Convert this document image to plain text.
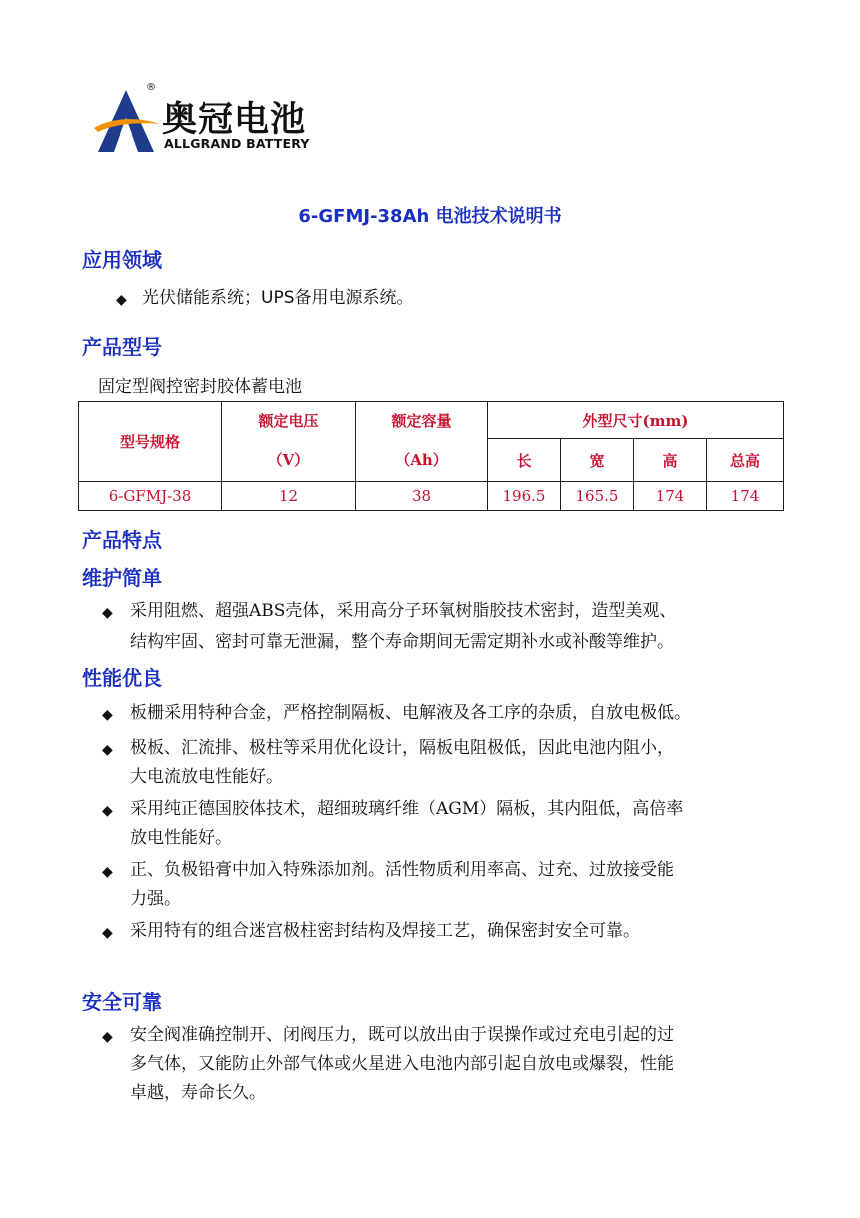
®
奥冠电池
ALLGRAND BATTERY
6-GFMJ-38Ah 电池技术说明书
应用领域
◆ 光伏储能系统；UPS备用电源系统。
产品型号
固定型阀控密封胶体蓄电池
型号规格	额定电压	额定容量	外型尺寸(mm)			
	（V）	（Ah）	长	宽	高	总高
6-GFMJ-38	12	38	196.5	165.5	174	174
产品特点
维护简单
◆ 采用阻燃、超强ABS壳体，采用高分子环氧树脂胶技术密封，造型美观、
结构牢固、密封可靠无泄漏，整个寿命期间无需定期补水或补酸等维护。
性能优良
◆ 板栅采用特种合金，严格控制隔板、电解液及各工序的杂质，自放电极低。
◆ 极板、汇流排、极柱等采用优化设计，隔板电阻极低，因此电池内阻小，
大电流放电性能好。
◆ 采用纯正德国胶体技术，超细玻璃纤维（AGM）隔板，其内阻低，高倍率
放电性能好。
◆ 正、负极铅膏中加入特殊添加剂。活性物质利用率高、过充、过放接受能
力强。
◆ 采用特有的组合迷宫极柱密封结构及焊接工艺，确保密封安全可靠。
安全可靠
◆ 安全阀准确控制开、闭阀压力，既可以放出由于误操作或过充电引起的过
多气体，又能防止外部气体或火星进入电池内部引起自放电或爆裂，性能
卓越，寿命长久。
